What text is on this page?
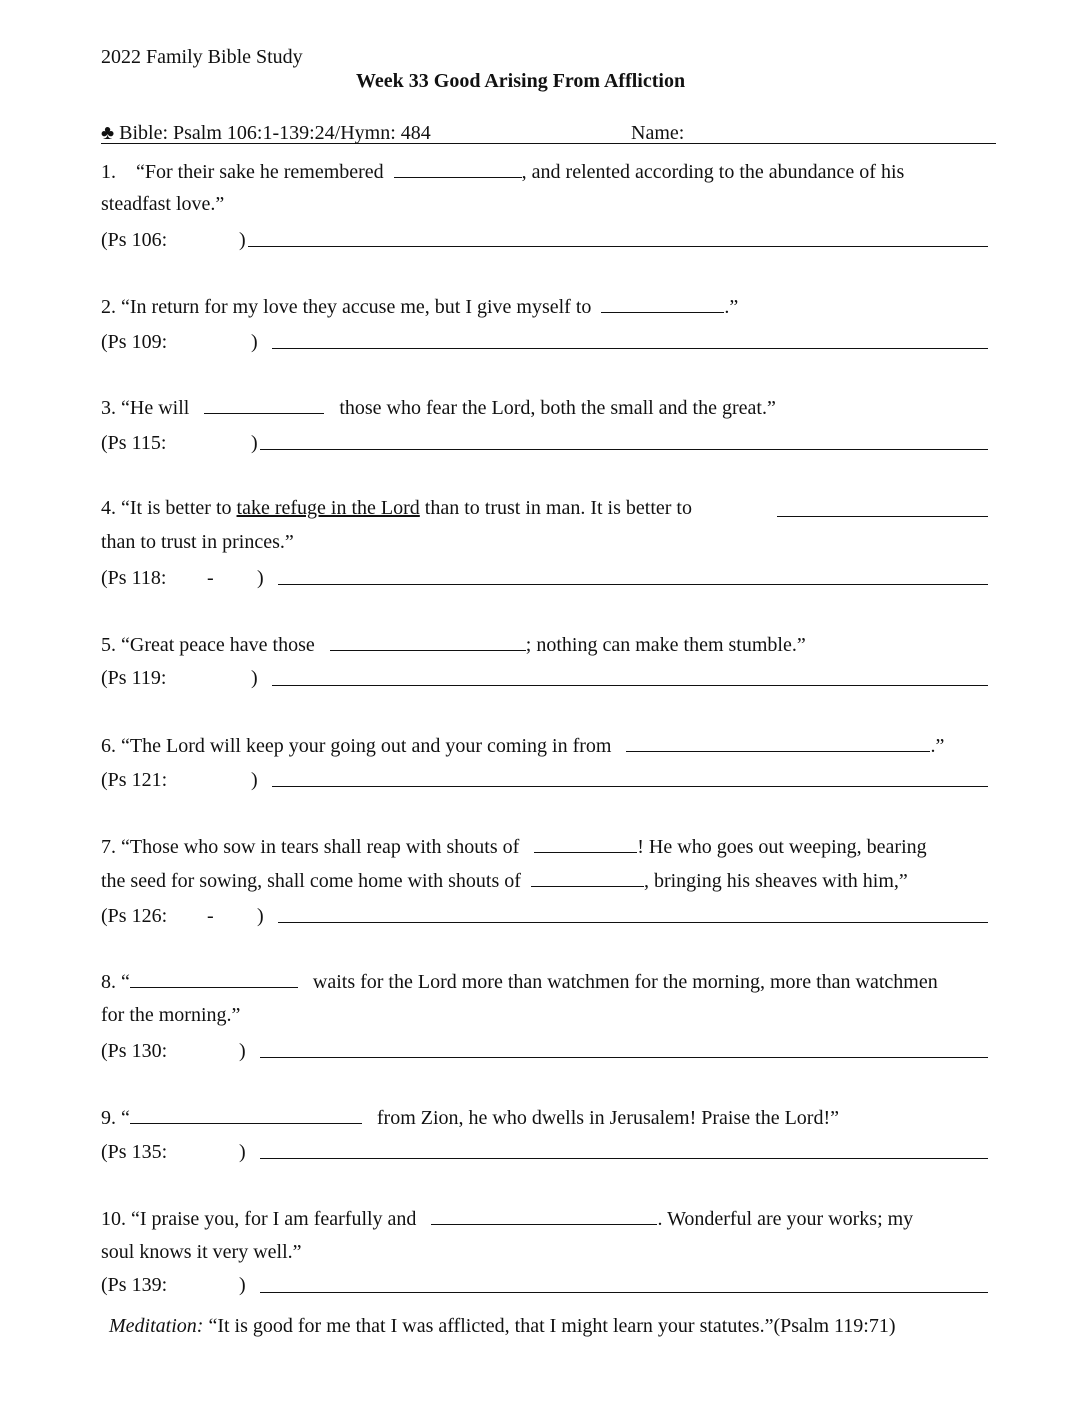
2022 Family Bible Study
Week 33 Good Arising From Affliction
♣ Bible: Psalm 106:1-139:24/Hymn: 484	Name:
1. “For their sake he remembered	, and relented according to the abundance of his
steadfast love.”
(Ps 106:	)
2. “In return for my love they accuse me, but I give myself to	.”
(Ps 109:	)
3. “He will	those who fear the Lord, both the small and the great.”
(Ps 115:	)
4. “It is better to take refuge in the Lord than to trust in man. It is better to
than to trust in princes.”
(Ps 118: - )
5. “Great peace have those	; nothing can make them stumble.”
(Ps 119:	)
6. “The Lord will keep your going out and your coming in from	.”
(Ps 121:	)
7. “Those who sow in tears shall reap with shouts of	! He who goes out weeping, bearing
the seed for sowing, shall come home with shouts of	, bringing his sheaves with him,”
(Ps 126: - )
8. “	waits for the Lord more than watchmen for the morning, more than watchmen
for the morning.”
(Ps 130:	)
9. “	from Zion, he who dwells in Jerusalem! Praise the Lord!”
(Ps 135:	)
10. “I praise you, for I am fearfully and	. Wonderful are your works; my
soul knows it very well.”
(Ps 139:	)
Meditation: “It is good for me that I was afflicted, that I might learn your statutes.”(Psalm 119:71)
